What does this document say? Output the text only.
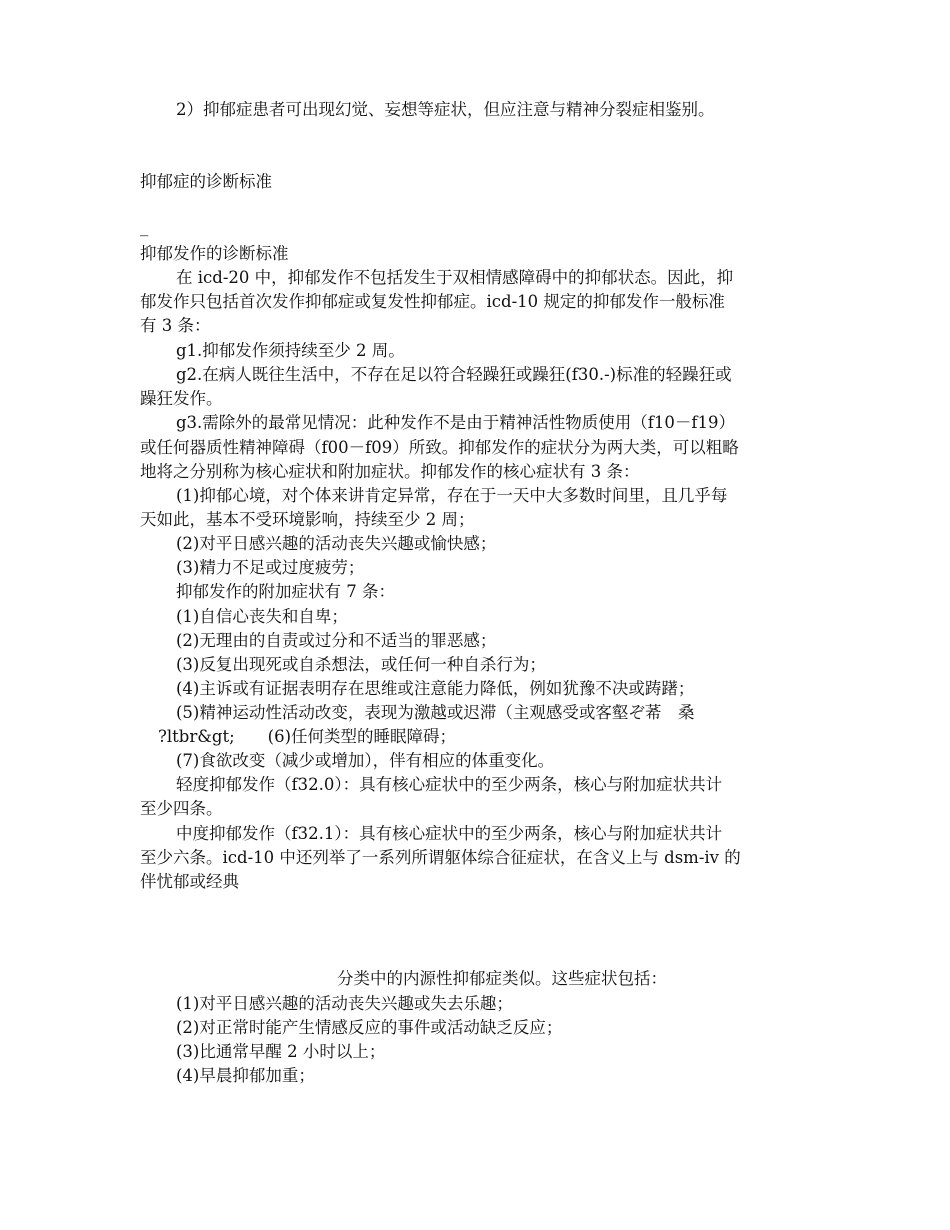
2）抑郁症患者可出现幻觉、妄想等症状，但应注意与精神分裂症相鉴别。

抑郁症的诊断标准

_

抑郁发作的诊断标准

在 icd-20 中，抑郁发作不包括发生于双相情感障碍中的抑郁状态。因此，抑

郁发作只包括首次发作抑郁症或复发性抑郁症。icd-10 规定的抑郁发作一般标准

有 3 条：

g1.抑郁发作须持续至少 2 周。

g2.在病人既往生活中，不存在足以符合轻躁狂或躁狂(f30.-)标准的轻躁狂或

躁狂发作。

g3.需除外的最常见情况：此种发作不是由于精神活性物质使用（f10－f19）

或任何器质性精神障碍（f00－f09）所致。抑郁发作的症状分为两大类，可以粗略

地将之分别称为核心症状和附加症状。抑郁发作的核心症状有 3 条：

(1)抑郁心境，对个体来讲肯定异常，存在于一天中大多数时间里，且几乎每

天如此，基本不受环境影响，持续至少 2 周；

(2)对平日感兴趣的活动丧失兴趣或愉快感；

(3)精力不足或过度疲劳；

抑郁发作的附加症状有 7 条：

(1)自信心丧失和自卑；

(2)无理由的自责或过分和不适当的罪恶感；

(3)反复出现死或自杀想法，或任何一种自杀行为；

(4)主诉或有证据表明存在思维或注意能力降低，例如犹豫不决或踌躇；

(5)精神运动性活动改变，表现为激越或迟滞（主观感受或客壑ぞ莃　桑

?ltbr&gt;　　(6)任何类型的睡眠障碍；

(7)食欲改变（减少或增加），伴有相应的体重变化。

轻度抑郁发作（f32.0）：具有核心症状中的至少两条，核心与附加症状共计

至少四条。

中度抑郁发作（f32.1）：具有核心症状中的至少两条，核心与附加症状共计

至少六条。icd-10 中还列举了一系列所谓躯体综合征症状，在含义上与 dsm-iv 的

伴忧郁或经典

分类中的内源性抑郁症类似。这些症状包括：

(1)对平日感兴趣的活动丧失兴趣或失去乐趣；

(2)对正常时能产生情感反应的事件或活动缺乏反应；

(3)比通常早醒 2 小时以上；

(4)早晨抑郁加重；
